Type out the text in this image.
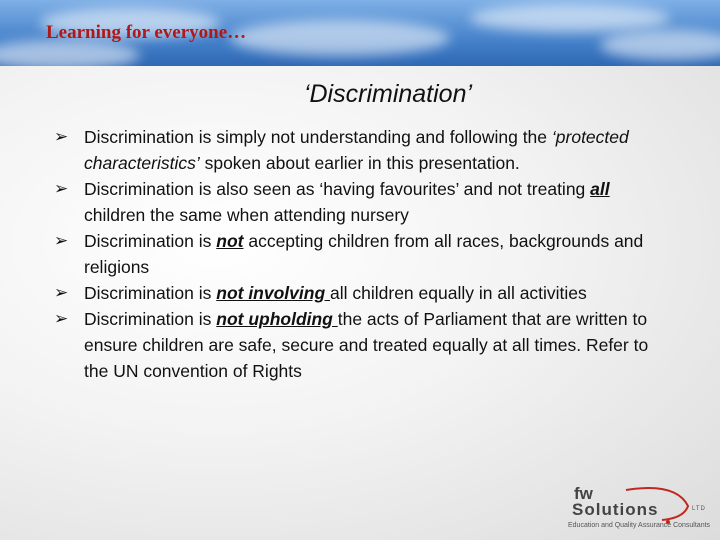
Learning for everyone…
‘Discrimination’
➢ Discrimination is simply not understanding and following the ‘protected characteristics’ spoken about earlier in this presentation.
➢ Discrimination is also seen as ‘having favourites’ and not treating all children the same when attending nursery
➢ Discrimination is not accepting children from all races, backgrounds and religions
➢ Discrimination is not involving all children equally in all activities
➢ Discrimination is not upholding the acts of Parliament that are written to ensure children are safe, secure and treated equally at all times. Refer to the UN convention of Rights
fw
Solutions	LTD
Education and Quality Assurance Consultants
